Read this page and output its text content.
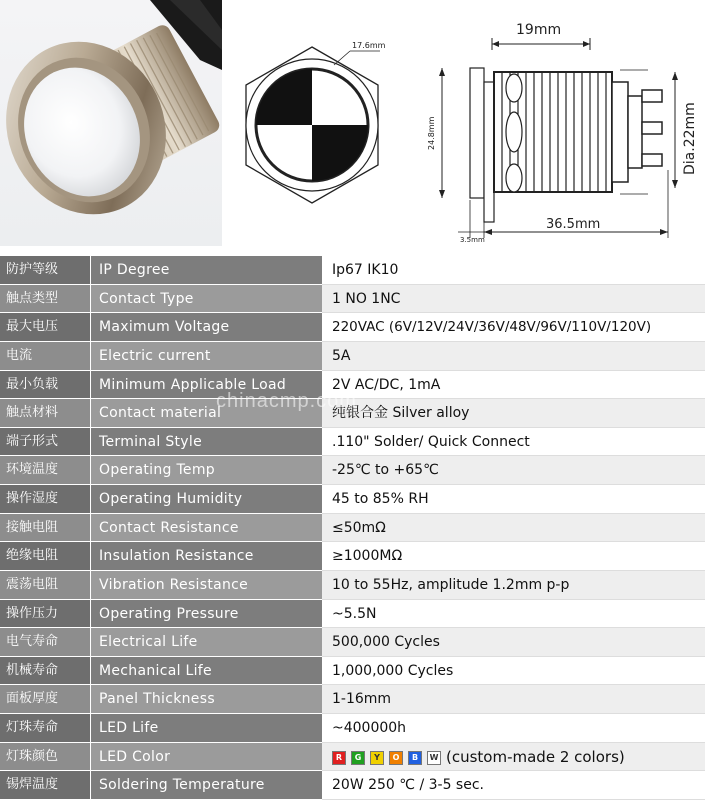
17.6mm
19mm
24.8mm	Dia.22mm
36.5mm
3.5mm
防护等级	IP Degree	Ip67 IK10
触点类型	Contact Type	1 NO 1NC
最大电压	Maximum Voltage	220VAC (6V/12V/24V/36V/48V/96V/110V/120V)
电流	Electric current	5A
最小负载	Minimum Applicable Load	2V AC/DC, 1mA
触点材料	Contact material	纯银合金 Silver alloy
端子形式	Terminal Style	.110" Solder/ Quick Connect
环境温度	Operating Temp	-25℃ to +65℃
操作湿度	Operating Humidity	45 to 85% RH
接触电阻	Contact Resistance	≤50mΩ
绝缘电阻	Insulation Resistance	≥1000MΩ
震荡电阻	Vibration Resistance	10 to 55Hz, amplitude 1.2mm p-p
操作压力	Operating Pressure	~5.5N
电气寿命	Electrical Life	500,000 Cycles
机械寿命	Mechanical Life	1,000,000 Cycles
面板厚度	Panel Thickness	1-16mm
灯珠寿命	LED Life	~400000h
灯珠颜色	LED Color	R G Y O B W (custom-made 2 colors)
锡焊温度	Soldering Temperature	20W 250 ℃ / 3-5 sec.
chinacmp.com
